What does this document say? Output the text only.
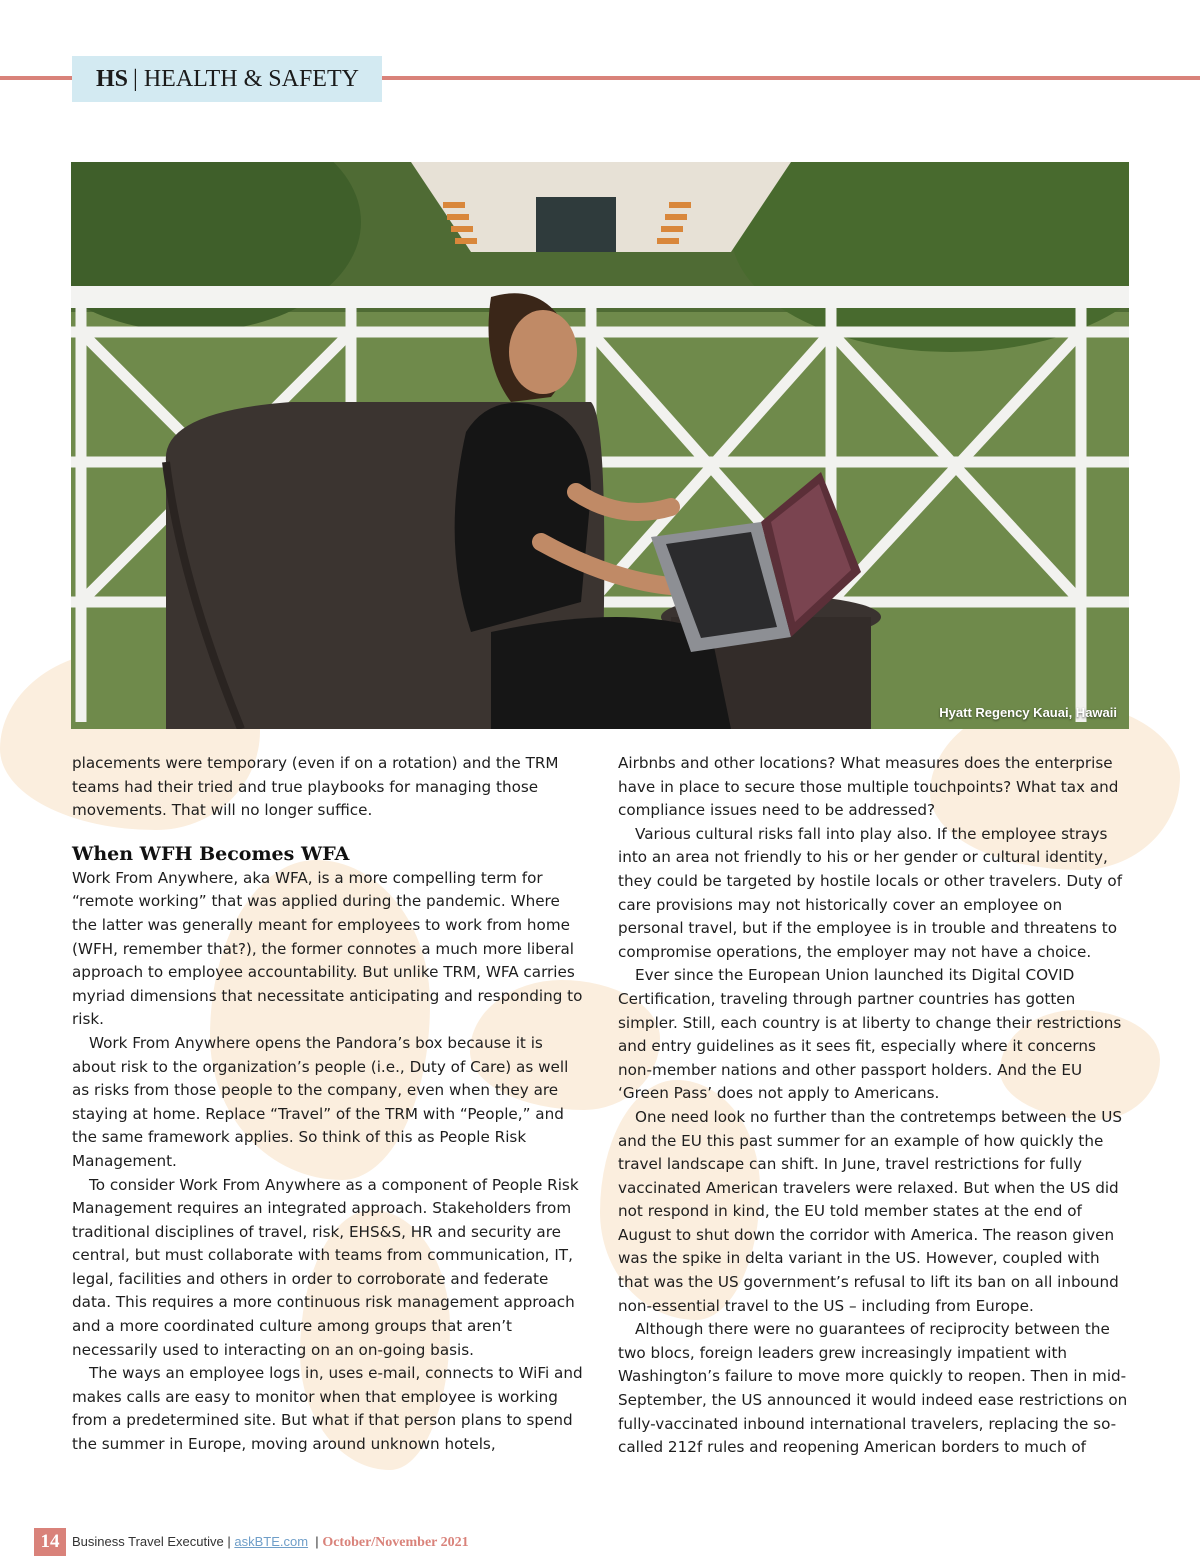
HS | HEALTH & SAFETY
Hyatt Regency Kauai, Hawaii

placements were temporary (even if on a rotation) and the TRM teams had their tried and true playbooks for managing those movements. That will no longer suffice.

When WFH Becomes WFA

Work From Anywhere, aka WFA, is a more compelling term for “remote working” that was applied during the pandemic. Where the latter was generally meant for employees to work from home (WFH, remember that?), the former connotes a much more liberal approach to employee accountability. But unlike TRM, WFA carries myriad dimensions that necessitate anticipating and responding to risk.

Work From Anywhere opens the Pandora’s box because it is about risk to the organization’s people (i.e., Duty of Care) as well as risks from those people to the company, even when they are staying at home. Replace “Travel” of the TRM with “People,” and the same framework applies. So think of this as People Risk Management.

To consider Work From Anywhere as a component of People Risk Management requires an integrated approach. Stakeholders from traditional disciplines of travel, risk, EHS&S, HR and security are central, but must collaborate with teams from communication, IT, legal, facilities and others in order to corroborate and federate data. This requires a more continuous risk management approach and a more coordinated culture among groups that aren’t necessarily used to interacting on an on-going basis.

The ways an employee logs in, uses e-mail, connects to WiFi and makes calls are easy to monitor when that employee is working from a predetermined site. But what if that person plans to spend the summer in Europe, moving around unknown hotels,

Airbnbs and other locations? What measures does the enterprise have in place to secure those multiple touchpoints? What tax and compliance issues need to be addressed?

Various cultural risks fall into play also. If the employee strays into an area not friendly to his or her gender or cultural identity, they could be targeted by hostile locals or other travelers. Duty of care provisions may not historically cover an employee on personal travel, but if the employee is in trouble and threatens to compromise operations, the employer may not have a choice.

Ever since the European Union launched its Digital COVID Certification, traveling through partner countries has gotten simpler. Still, each country is at liberty to change their restrictions and entry guidelines as it sees fit, especially where it concerns non-member nations and other passport holders. And the EU ‘Green Pass’ does not apply to Americans.

One need look no further than the contretemps between the US and the EU this past summer for an example of how quickly the travel landscape can shift. In June, travel restrictions for fully vaccinated American travelers were relaxed. But when the US did not respond in kind, the EU told member states at the end of August to shut down the corridor with America. The reason given was the spike in delta variant in the US. However, coupled with that was the US government’s refusal to lift its ban on all inbound non-essential travel to the US – including from Europe.

Although there were no guarantees of reciprocity between the two blocs, foreign leaders grew increasingly impatient with Washington’s failure to move more quickly to reopen. Then in mid-September, the US announced it would indeed ease restrictions on fully-vaccinated inbound international travelers, replacing the so-called 212f rules and reopening American borders to much of

14 Business Travel Executive | askBTE.com | October/November 2021
